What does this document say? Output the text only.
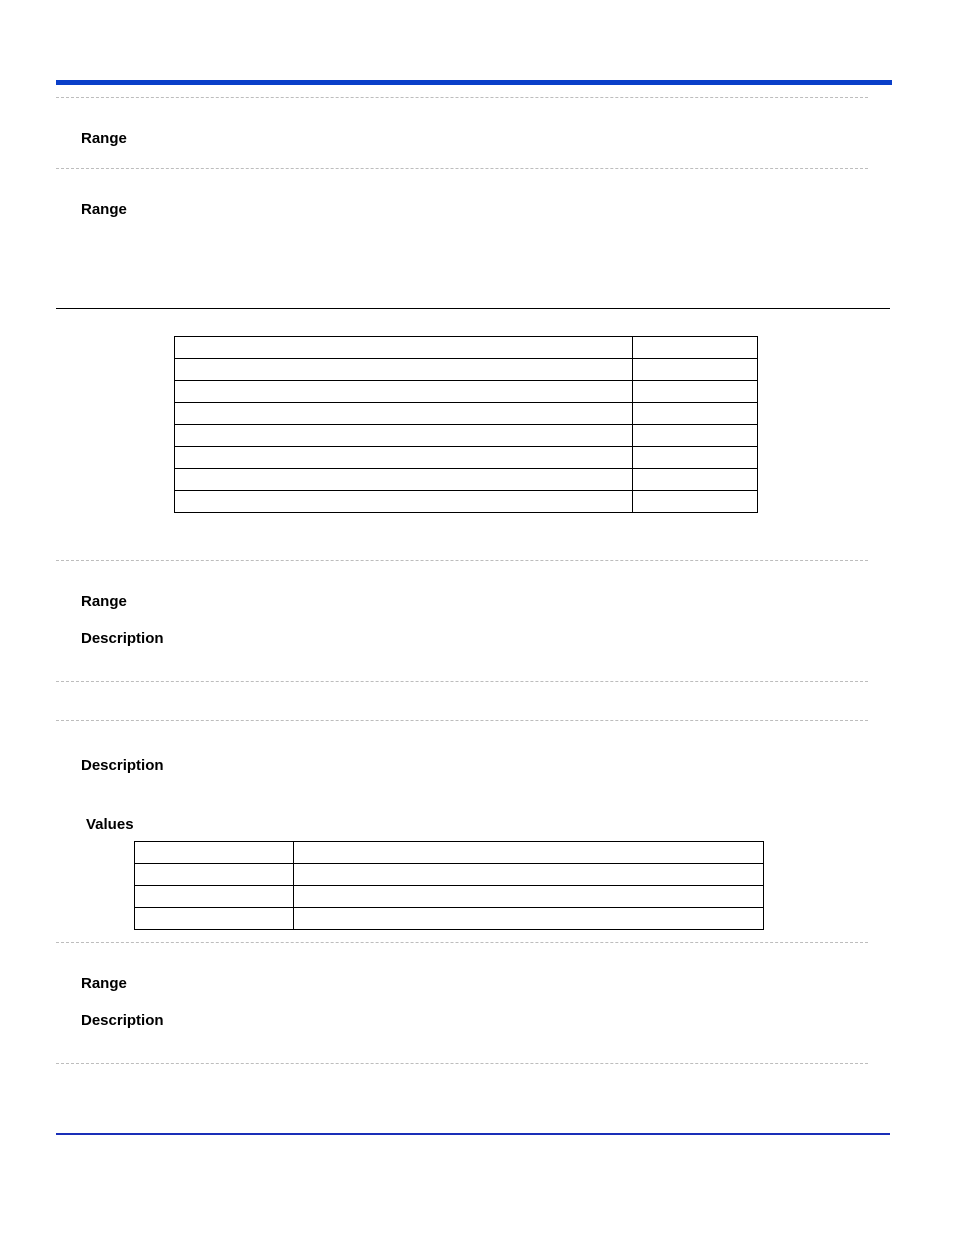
Range
Range

Range
Description
Description
Values

Range
Description
